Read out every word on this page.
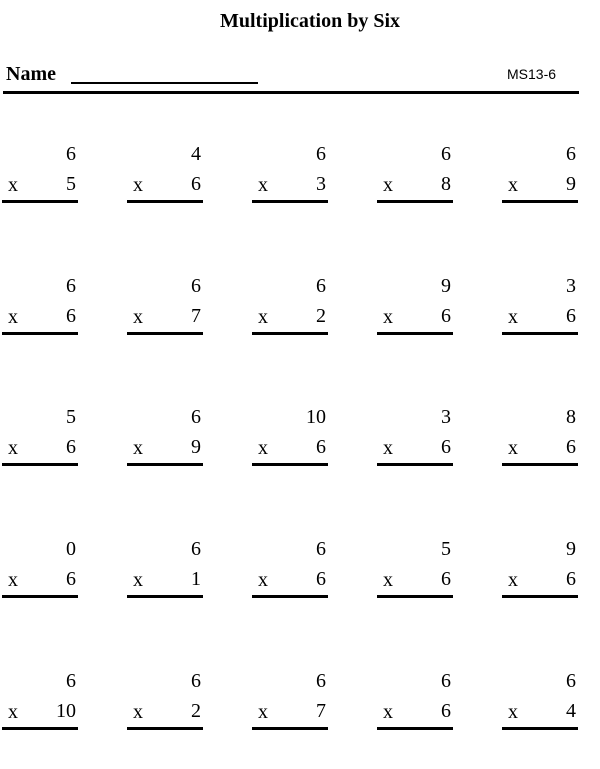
Multiplication by Six
Name	MS13-6
6
x 5
4
x 6
6
x 3
6
x 8
6
x 9
6
x 6
6
x 7
6
x 2
9
x 6
3
x 6
5
x 6
6
x 9
10
x 6
3
x 6
8
x 6
0
x 6
6
x 1
6
x 6
5
x 6
9
x 6
6
x 10
6
x 2
6
x 7
6
x 6
6
x 4
